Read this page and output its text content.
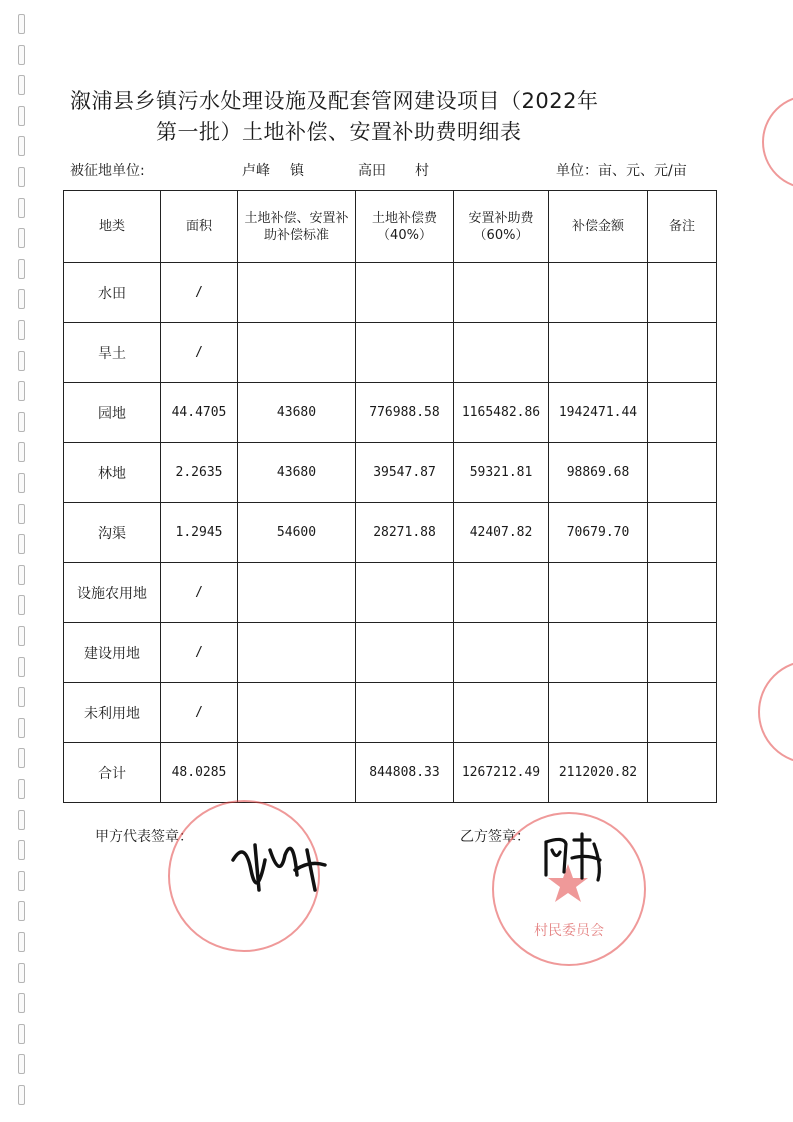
溆浦县乡镇污水处理设施及配套管网建设项目（2022年
第一批）土地补偿、安置补助费明细表
被征地单位:	卢峰 镇	高田 村	单位：亩、元、元/亩
地类	面积	土地补偿、安置补助补偿标准	土地补偿费（40%）	安置补助费（60%）	补偿金额	备注
水田	/					
旱土	/					
园地	44.4705	43680	776988.58	1165482.86	1942471.44	
林地	2.2635	43680	39547.87	59321.81	98869.68	
沟渠	1.2945	54600	28271.88	42407.82	70679.70	
设施农用地	/					
建设用地	/					
未利用地	/					
合计	48.0285		844808.33	1267212.49	2112020.82	
甲方代表签章：	乙方签章：
村民委员会
